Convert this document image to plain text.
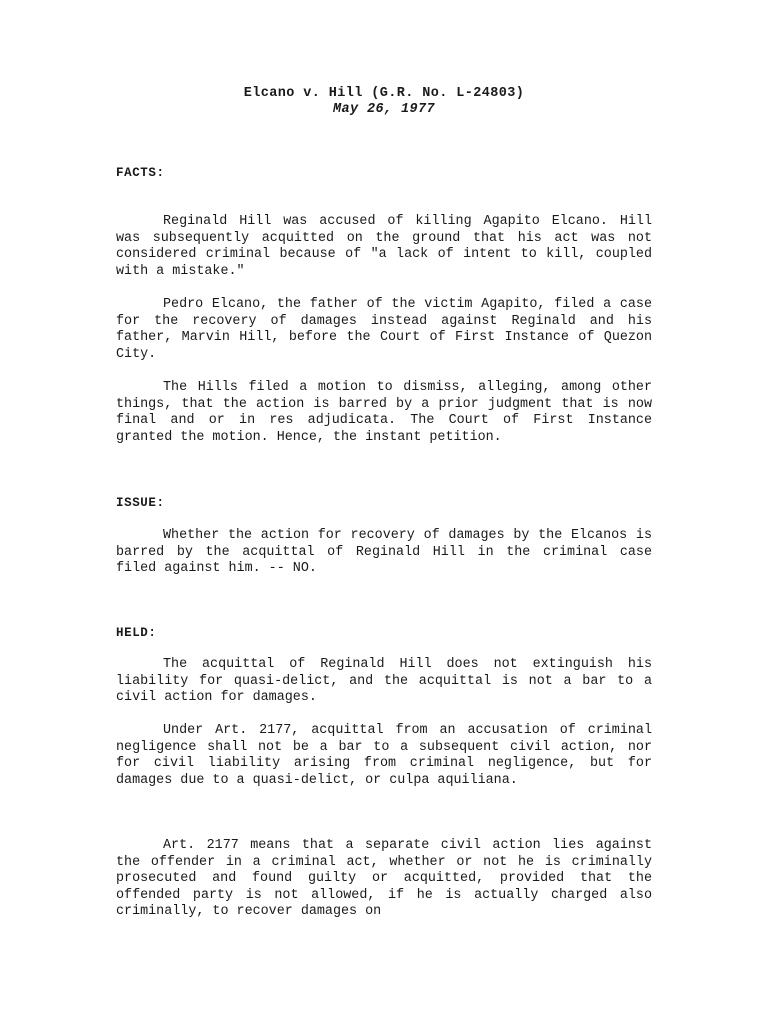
Elcano v. Hill (G.R. No. L-24803)

May 26, 1977

FACTS:

Reginald Hill was accused of killing Agapito Elcano. Hill was subsequently acquitted on the ground that his act was not considered criminal because of "a lack of intent to kill, coupled with a mistake."

Pedro Elcano, the father of the victim Agapito, filed a case for the recovery of damages instead against Reginald and his father, Marvin Hill, before the Court of First Instance of Quezon City.

The Hills filed a motion to dismiss, alleging, among other things, that the action is barred by a prior judgment that is now final and or in res adjudicata. The Court of First Instance granted the motion. Hence, the instant petition.

ISSUE:

Whether the action for recovery of damages by the Elcanos is barred by the acquittal of Reginald Hill in the criminal case filed against him. -- NO.

HELD:

The acquittal of Reginald Hill does not extinguish his liability for quasi-delict, and the acquittal is not a bar to a civil action for damages.

Under Art. 2177, acquittal from an accusation of criminal negligence shall not be a bar to a subsequent civil action, nor for civil liability arising from criminal negligence, but for damages due to a quasi-delict, or culpa aquiliana.

Art. 2177 means that a separate civil action lies against the offender in a criminal act, whether or not he is criminally prosecuted and found guilty or acquitted, provided that the offended party is not allowed, if he is actually charged also criminally, to recover damages on
